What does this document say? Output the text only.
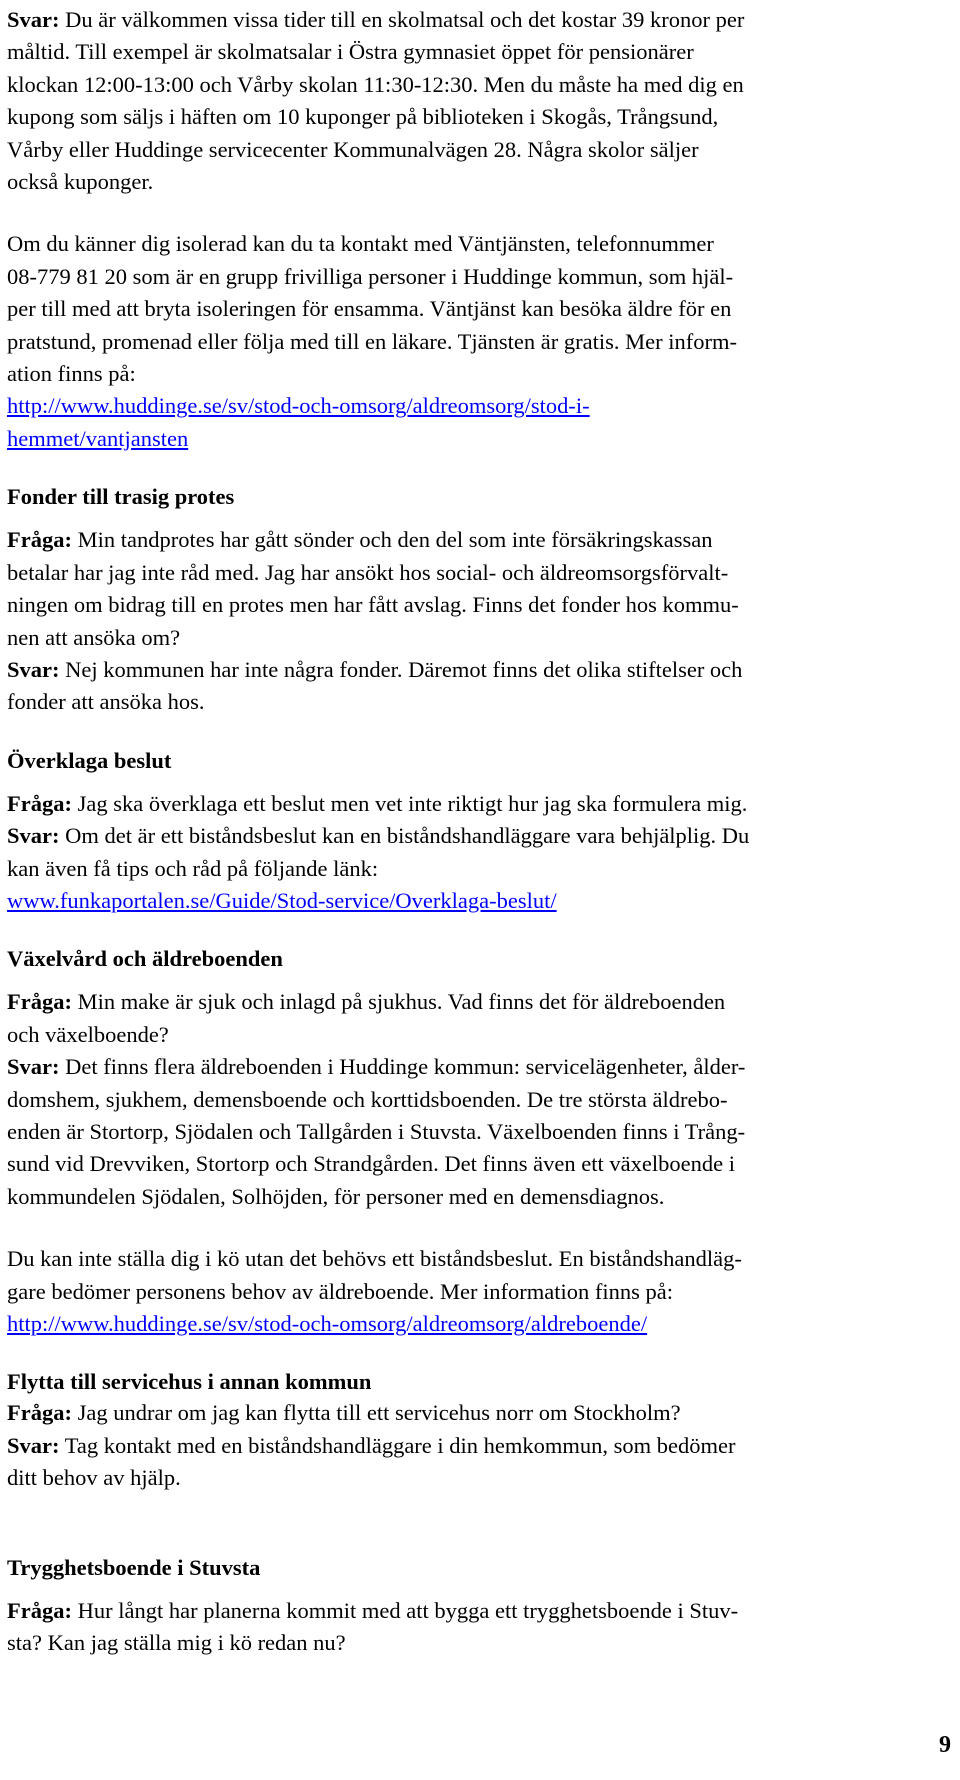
Svar: Du är välkommen vissa tider till en skolmatsal och det kostar 39 kronor per
måltid. Till exempel är skolmatsalar i Östra gymnasiet öppet för pensionärer
klockan 12:00-13:00 och Vårby skolan 11:30-12:30. Men du måste ha med dig en
kupong som säljs i häften om 10 kuponger på biblioteken i Skogås, Trångsund,
Vårby eller Huddinge servicecenter Kommunalvägen 28. Några skolor säljer
också kuponger.

Om du känner dig isolerad kan du ta kontakt med Väntjänsten, telefonnummer
08-779 81 20 som är en grupp frivilliga personer i Huddinge kommun, som hjäl-
per till med att bryta isoleringen för ensamma. Väntjänst kan besöka äldre för en
pratstund, promenad eller följa med till en läkare. Tjänsten är gratis. Mer inform-
ation finns på:
http://www.huddinge.se/sv/stod-och-omsorg/aldreomsorg/stod-i-
hemmet/vantjansten

Fonder till trasig protes

Fråga: Min tandprotes har gått sönder och den del som inte försäkringskassan
betalar har jag inte råd med. Jag har ansökt hos social- och äldreomsorgsförvalt-
ningen om bidrag till en protes men har fått avslag. Finns det fonder hos kommu-
nen att ansöka om?
Svar: Nej kommunen har inte några fonder. Däremot finns det olika stiftelser och
fonder att ansöka hos.

Överklaga beslut

Fråga: Jag ska överklaga ett beslut men vet inte riktigt hur jag ska formulera mig.
Svar: Om det är ett biståndsbeslut kan en biståndshandläggare vara behjälplig. Du
kan även få tips och råd på följande länk:
www.funkaportalen.se/Guide/Stod-service/Overklaga-beslut/

Växelvård och äldreboenden

Fråga: Min make är sjuk och inlagd på sjukhus. Vad finns det för äldreboenden
och växelboende?
Svar: Det finns flera äldreboenden i Huddinge kommun: servicelägenheter, ålder-
domshem, sjukhem, demensboende och korttidsboenden. De tre största äldrebo-
enden är Stortorp, Sjödalen och Tallgården i Stuvsta. Växelboenden finns i Trång-
sund vid Drevviken, Stortorp och Strandgården. Det finns även ett växelboende i
kommundelen Sjödalen, Solhöjden, för personer med en demensdiagnos.

Du kan inte ställa dig i kö utan det behövs ett biståndsbeslut. En biståndshandläg-
gare bedömer personens behov av äldreboende. Mer information finns på:
http://www.huddinge.se/sv/stod-och-omsorg/aldreomsorg/aldreboende/

Flytta till servicehus i annan kommun

Fråga: Jag undrar om jag kan flytta till ett servicehus norr om Stockholm?
Svar: Tag kontakt med en biståndshandläggare i din hemkommun, som bedömer
ditt behov av hjälp.

Trygghetsboende i Stuvsta

Fråga: Hur långt har planerna kommit med att bygga ett trygghetsboende i Stuv-
sta? Kan jag ställa mig i kö redan nu?

9
